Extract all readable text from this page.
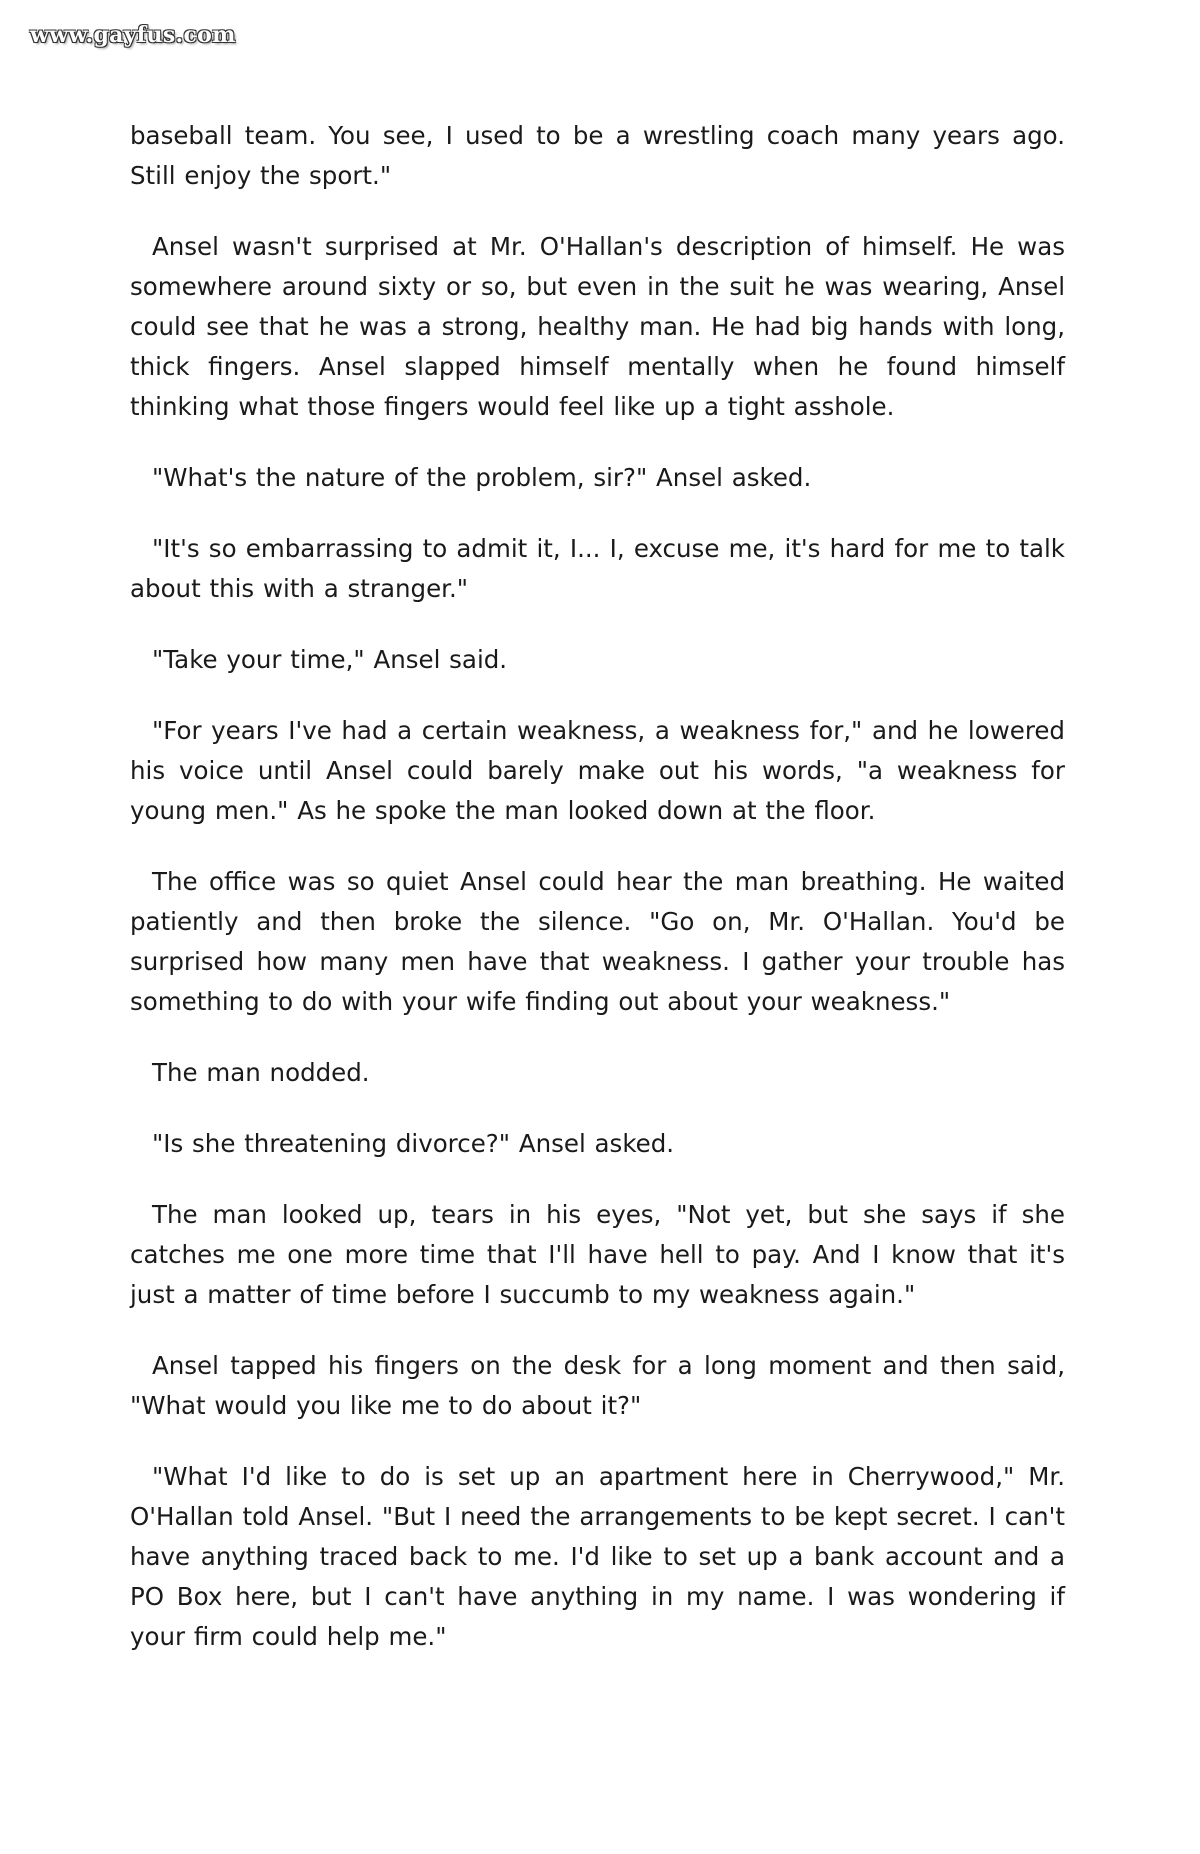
www.gayfus.com

baseball team. You see, I used to be a wrestling coach many years ago. Still enjoy the sport."

Ansel wasn't surprised at Mr. O'Hallan's description of himself. He was somewhere around sixty or so, but even in the suit he was wearing, Ansel could see that he was a strong, healthy man. He had big hands with long, thick fingers. Ansel slapped himself mentally when he found himself thinking what those fingers would feel like up a tight asshole.

"What's the nature of the problem, sir?" Ansel asked.

"It's so embarrassing to admit it, I... I, excuse me, it's hard for me to talk about this with a stranger."

"Take your time," Ansel said.

"For years I've had a certain weakness, a weakness for," and he lowered his voice until Ansel could barely make out his words, "a weakness for young men." As he spoke the man looked down at the floor.

The office was so quiet Ansel could hear the man breathing. He waited patiently and then broke the silence. "Go on, Mr. O'Hallan. You'd be surprised how many men have that weakness. I gather your trouble has something to do with your wife finding out about your weakness."

The man nodded.

"Is she threatening divorce?" Ansel asked.

The man looked up, tears in his eyes, "Not yet, but she says if she catches me one more time that I'll have hell to pay. And I know that it's just a matter of time before I succumb to my weakness again."

Ansel tapped his fingers on the desk for a long moment and then said, "What would you like me to do about it?"

"What I'd like to do is set up an apartment here in Cherrywood," Mr. O'Hallan told Ansel. "But I need the arrangements to be kept secret. I can't have anything traced back to me. I'd like to set up a bank account and a PO Box here, but I can't have anything in my name. I was wondering if your firm could help me."
